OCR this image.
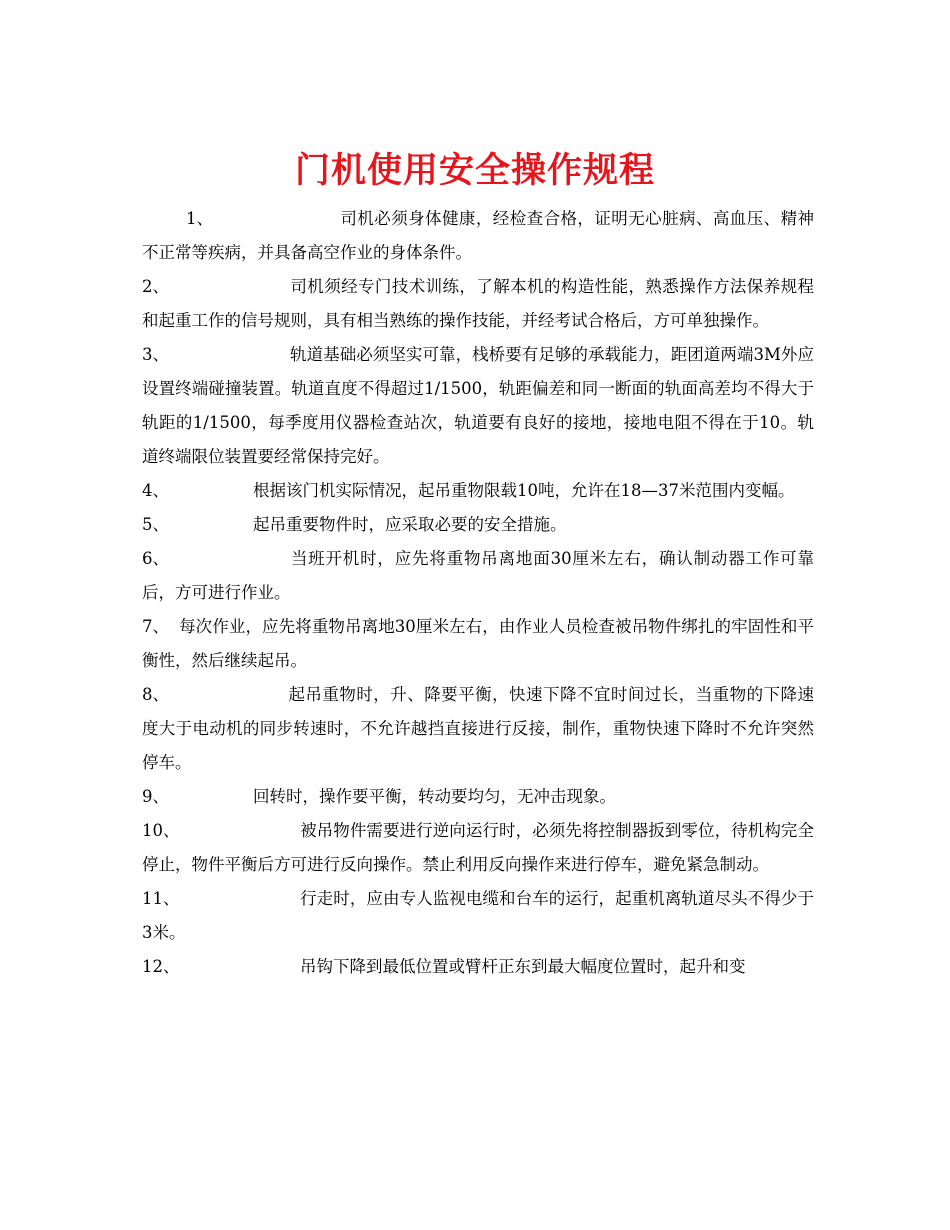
门机使用安全操作规程

1、	司机必须身体健康，经检查合格，证明无心脏病、高血压、精神不正常等疾病，并具备高空作业的身体条件。

2、	司机须经专门技术训练，了解本机的构造性能，熟悉操作方法保养规程和起重工作的信号规则，具有相当熟练的操作技能，并经考试合格后，方可单独操作。

3、	轨道基础必须坚实可靠，栈桥要有足够的承载能力，距团道两端3M外应设置终端碰撞装置。轨道直度不得超过1/1500，轨距偏差和同一断面的轨面高差均不得大于轨距的1/1500，每季度用仪器检查站次，轨道要有良好的接地，接地电阻不得在于10。轨道终端限位装置要经常保持完好。

4、	根据该门机实际情况，起吊重物限载10吨，允许在18—37米范围内变幅。

5、	起吊重要物件时，应采取必要的安全措施。

6、	当班开机时，应先将重物吊离地面30厘米左右，确认制动器工作可靠后，方可进行作业。

7、 每次作业，应先将重物吊离地30厘米左右，由作业人员检查被吊物件绑扎的牢固性和平衡性，然后继续起吊。

8、	起吊重物时，升、降要平衡，快速下降不宜时间过长，当重物的下降速度大于电动机的同步转速时，不允许越挡直接进行反接，制作，重物快速下降时不允许突然停车。

9、	回转时，操作要平衡，转动要均匀，无冲击现象。

10、	被吊物件需要进行逆向运行时，必须先将控制器扳到零位，待机构完全停止，物件平衡后方可进行反向操作。禁止利用反向操作来进行停车，避免紧急制动。

11、	行走时，应由专人监视电缆和台车的运行，起重机离轨道尽头不得少于3米。

12、	吊钩下降到最低位置或臂杆正东到最大幅度位置时，起升和变
